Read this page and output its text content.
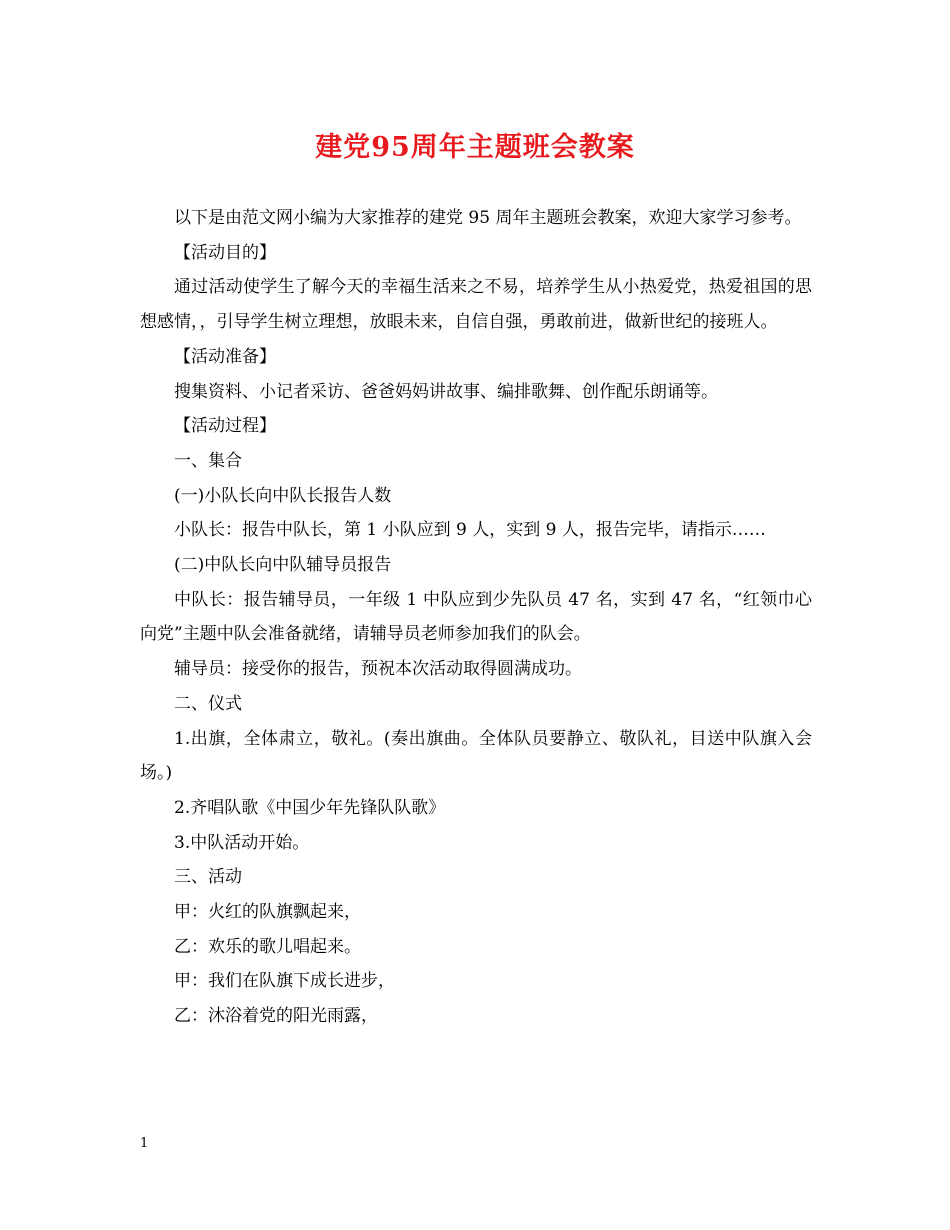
建党95周年主题班会教案

以下是由范文网小编为大家推荐的建党 95 周年主题班会教案，欢迎大家学习参考。

【活动目的】

通过活动使学生了解今天的幸福生活来之不易，培养学生从小热爱党，热爱祖国的思想感情，，引导学生树立理想，放眼未来，自信自强，勇敢前进，做新世纪的接班人。

【活动准备】

搜集资料、小记者采访、爸爸妈妈讲故事、编排歌舞、创作配乐朗诵等。

【活动过程】

一、集合

(一)小队长向中队长报告人数

小队长：报告中队长，第 1 小队应到 9 人，实到 9 人，报告完毕，请指示……

(二)中队长向中队辅导员报告

中队长：报告辅导员，一年级 1 中队应到少先队员 47 名，实到 47 名，“红领巾心向党”主题中队会准备就绪，请辅导员老师参加我们的队会。

辅导员：接受你的报告，预祝本次活动取得圆满成功。

二、仪式

1.出旗，全体肃立，敬礼。(奏出旗曲。全体队员要静立、敬队礼，目送中队旗入会场。)

2.齐唱队歌《中国少年先锋队队歌》

3.中队活动开始。

三、活动

甲：火红的队旗飘起来，

乙：欢乐的歌儿唱起来。

甲：我们在队旗下成长进步，

乙：沐浴着党的阳光雨露，

1
